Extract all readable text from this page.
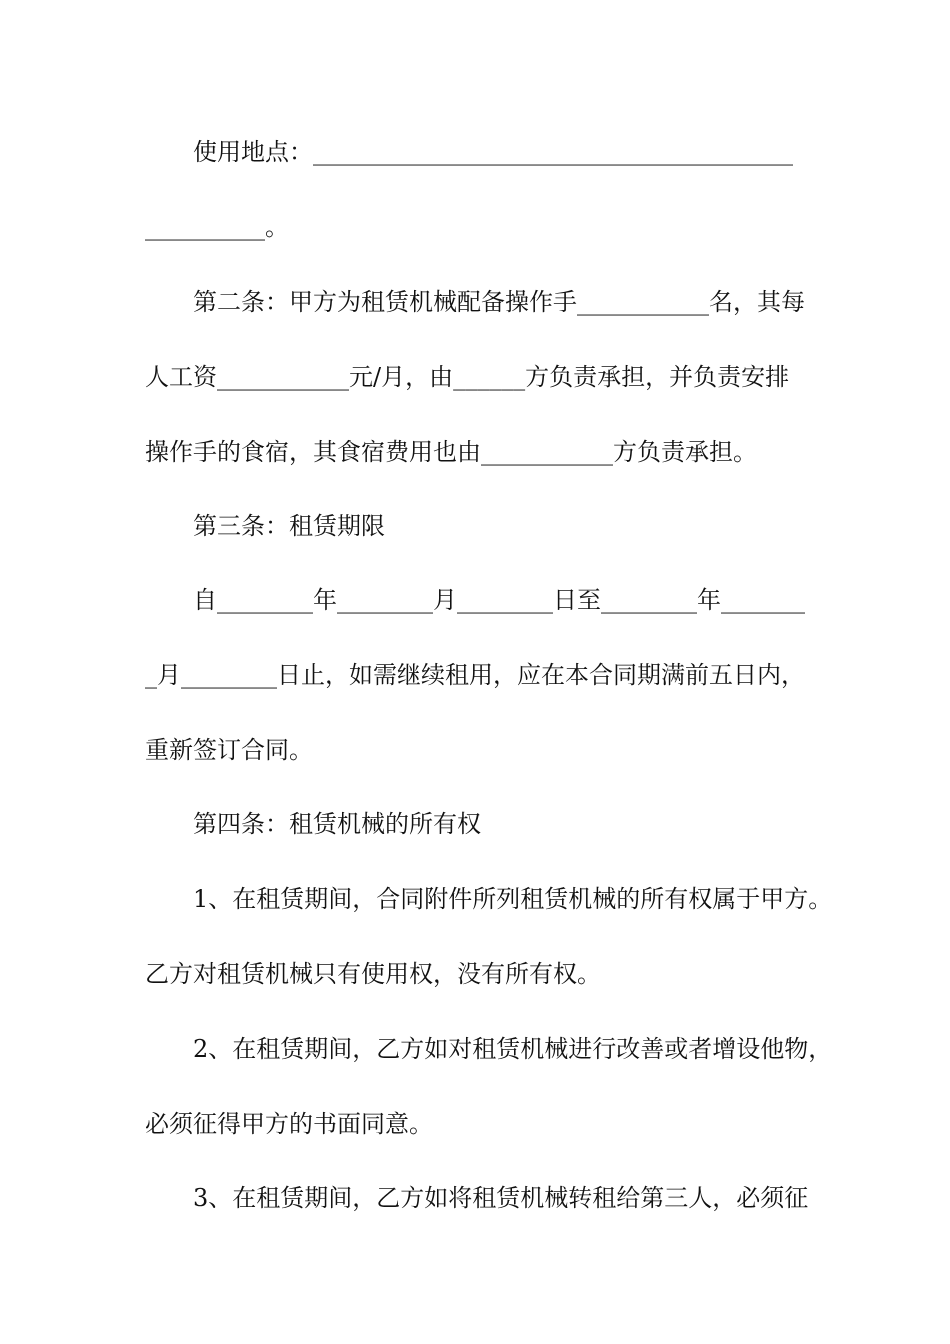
使用地点：________________________________________
__________。
第二条：甲方为租赁机械配备操作手___________名，其每
人工资___________元/月，由______方负责承担，并负责安排
操作手的食宿，其食宿费用也由___________方负责承担。
第三条：租赁期限
自________年________月________日至________年_______
_月________日止，如需继续租用，应在本合同期满前五日内，
重新签订合同。
第四条：租赁机械的所有权
1、在租赁期间，合同附件所列租赁机械的所有权属于甲方。
乙方对租赁机械只有使用权，没有所有权。
2、在租赁期间，乙方如对租赁机械进行改善或者增设他物，
必须征得甲方的书面同意。
3、在租赁期间，乙方如将租赁机械转租给第三人，必须征
